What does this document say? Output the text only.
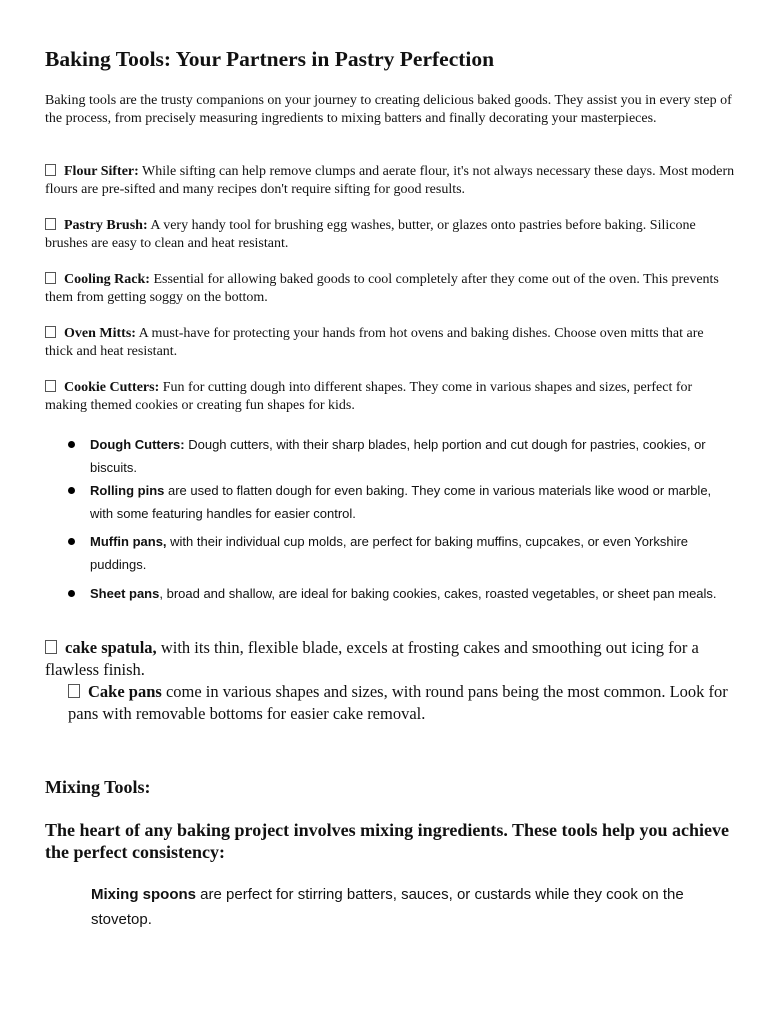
Baking Tools: Your Partners in Pastry Perfection
Baking tools are the trusty companions on your journey to creating delicious baked goods. They assist you in every step of the process, from precisely measuring ingredients to mixing batters and finally decorating your masterpieces.
Flour Sifter: While sifting can help remove clumps and aerate flour, it's not always necessary these days. Most modern flours are pre-sifted and many recipes don't require sifting for good results.
Pastry Brush: A very handy tool for brushing egg washes, butter, or glazes onto pastries before baking. Silicone brushes are easy to clean and heat resistant.
Cooling Rack: Essential for allowing baked goods to cool completely after they come out of the oven. This prevents them from getting soggy on the bottom.
Oven Mitts: A must-have for protecting your hands from hot ovens and baking dishes. Choose oven mitts that are thick and heat resistant.
Cookie Cutters: Fun for cutting dough into different shapes. They come in various shapes and sizes, perfect for making themed cookies or creating fun shapes for kids.
Dough Cutters: Dough cutters, with their sharp blades, help portion and cut dough for pastries, cookies, or biscuits.
Rolling pins are used to flatten dough for even baking. They come in various materials like wood or marble, with some featuring handles for easier control.
Muffin pans, with their individual cup molds, are perfect for baking muffins, cupcakes, or even Yorkshire puddings.
Sheet pans, broad and shallow, are ideal for baking cookies, cakes, roasted vegetables, or sheet pan meals.
cake spatula, with its thin, flexible blade, excels at frosting cakes and smoothing out icing for a flawless finish.
Cake pans come in various shapes and sizes, with round pans being the most common. Look for pans with removable bottoms for easier cake removal.
Mixing Tools:
The heart of any baking project involves mixing ingredients. These tools help you achieve the perfect consistency:
Mixing spoons are perfect for stirring batters, sauces, or custards while they cook on the stovetop.
